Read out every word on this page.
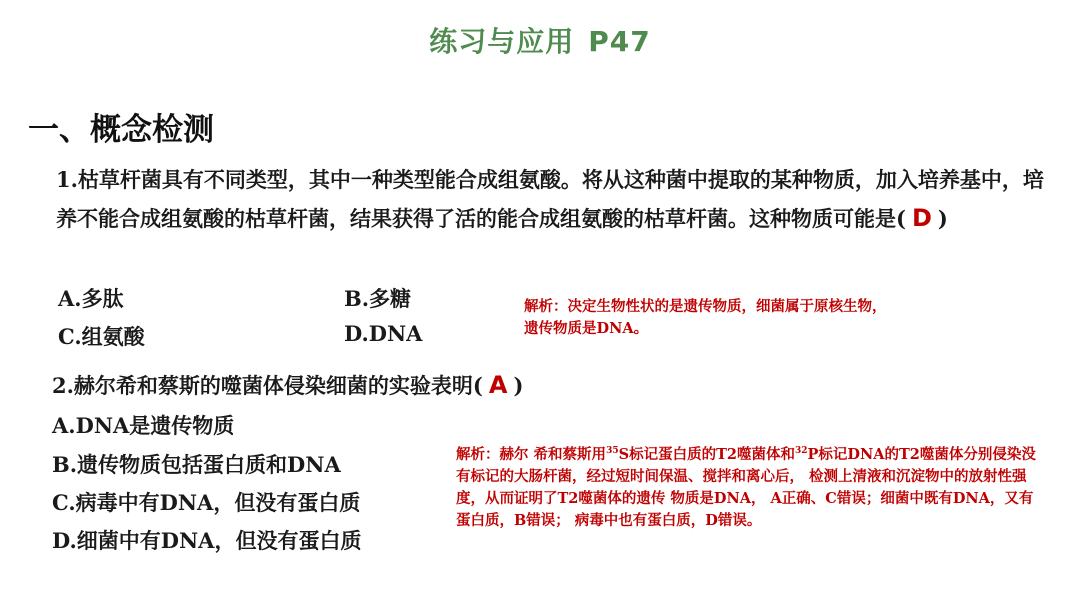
练习与应用 P47
一、概念检测
1.枯草杆菌具有不同类型，其中一种类型能合成组氨酸。将从这种菌中提取的某种物质，加入培养基中，培养不能合成组氨酸的枯草杆菌，结果获得了活的能合成组氨酸的枯草杆菌。这种物质可能是( D )
A.多肽	B.多糖
C.组氨酸	D.DNA
解析：决定生物性状的是遗传物质，细菌属于原核生物，
遗传物质是DNA。
2.赫尔希和蔡斯的噬菌体侵染细菌的实验表明( A )
A.DNA是遗传物质
B.遗传物质包括蛋白质和DNA
C.病毒中有DNA，但没有蛋白质
D.细菌中有DNA，但没有蛋白质
解析：赫尔 希和蔡斯用$^{35}$S标记蛋白质的T2噬菌体和$^{32}$P标记DNA的T2噬菌体分别侵染没有标记的大肠杆菌，经过短时间保温、搅拌和离心后， 检测上清液和沉淀物中的放射性强度，从而证明了T2噬菌体的遗传 物质是DNA， A正确、C错误；细菌中既有DNA，又有蛋白质，B错误； 病毒中也有蛋白质，D错误。
